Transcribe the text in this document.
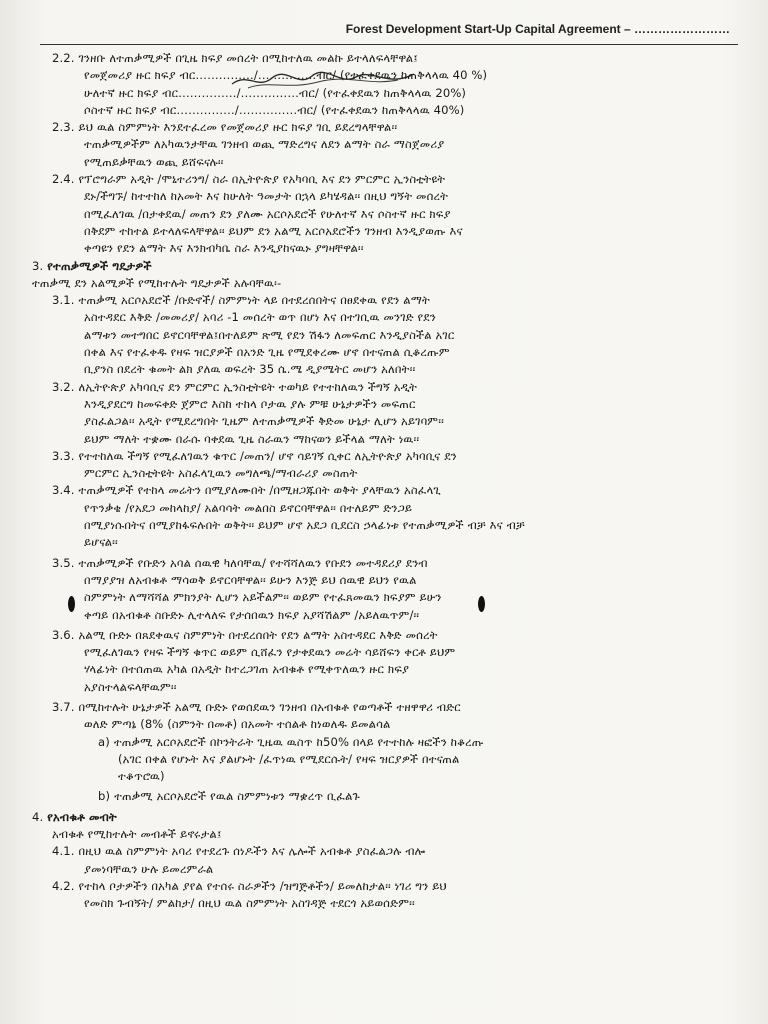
Forest Development Start-Up Capital Agreement – ……………………
2.2. ገንዘቡ ለተጠቃሚዎች በጊዜ ክፍያ መሰረት በሚከተለዉ መልኩ ይተላለፍላቸዋል፤
የመጀመሪያ ዙር ክፍያ ብር……………/……………ብር/ (የተፈቀደዉን ከጠቅላላዉ 40 %)
ሁለተኛ ዙር ክፍያ ብር……………/……………ብር/ (የተፈቀደዉን ከጠቅላላዉ 20%)
ሶስተኛ ዙር ክፍያ ብር……………/……………ብር/ (የተፈቀደዉን ከጠቅላላዉ 40%)
2.3. ይህ ዉል ስምምነት እንደተፈረመ የመጀመሪያ ዙር ክፍያ ገቢ ይደረግላቸዋል፡፡
ተጠቃሚዎችም ለአካዉንታቸዉ ገንዘብ ወጪ ማድረግና ለደን ልማት ስራ ማስጀመሪያ
የሚጠይቃቸዉን ወጪ ይሸፍናሉ፡፡
2.4. የፕሮግራም አዲት /ሞኒተሪንግ/ ስራ በኢትዮጵያ የአካባቢ እና ደን ምርምር ኢንስቲትዩት
ደኑ/ችግኙ/ ከተተከለ ከአመት እና ከሁለት ዓመታት በኋላ ይካሄዳል፡፡ በዚህ ግኝት መሰረት
በሚፈለገዉ /በታቀደዉ/ መጠን ደን ያለሙ አርሶአደሮች የሁለተኛ እና ሶስተኛ ዙር ክፍያ
በቅደም ተከተል ይተላለፍላቸዋል፡፡ ይህም ደን አልሚ አርሶአደሮችን ገንዘብ እንዲያወጡ እና
ቀጣዩን የደን ልማት እና እንክብካቤ ስራ እንዲያከናዉኑ ያግዛቸዋል፡፡
3. የተጠቃሚዎች ግዴታዎች
ተጠቃሚ ደን አልሚዎች የሚከተሉት ግዴታዎች አሉባቸዉ፡-
3.1. ተጠቃሚ አርሶአደሮች /ቡድኖች/ ስምምነት ላይ በተደረሰበትና በፀደቀዉ የደን ልማት
አስተዳደር እቅድ /መመሪያ/ አባሪ -1 መሰረት ወጥ በሆነ እና በተገቢዉ መንገድ የደን
ልማቱን መተግበር ይኖርባቸዋል፤በተለይም ጽሚ የደን ሽፋን ለመፍጠር እንዲያስችል አገር
በቀል እና የተፈቀዱ የዛፍ ዝርያዎች በአንድ ጊዜ የሚደቀረሙ ሆኖ በተናጠል ሲቆረጡም
ቢያንስ በደረት ቁመት ልክ ያለዉ ወፍረት 35 ሴ.ሜ ዲያሜትር መሆን አለበት፡፡
3.2. ለኢትዮጵያ አካባቢና ደን ምርምር ኢንስቲትዩት ተወካይ የተተከለዉን ችግኝ አዲት
እንዲያደርግ ከመፍቀድ ጀምሮ እስከ ተከላ ቦታዉ ያሉ ምቹ ሁኔታዎችን መፍጠር
ያስፈልጋል፡፡ አዲት የሚደረግበት ጊዜም ለተጠቃሚዎች ቅድመ ሁኔታ ሊሆን አይገባም፡፡
ይህም ማለት ተቋሙ በራሱ ባቀደዉ ጊዜ ስራዉን ማከናወን ይችላል ማለት ነዉ፡፡
3.3. የተተከለዉ ችግኝ የሚፈለገዉን ቁጥር /መጠን/ ሆኖ ሳይገኝ ሲቀር ለኢትዮጵያ አካባቢና ደን
ምርምር ኢንስቲትዩት አስፈላጊዉን መግለጫ/ማብራሪያ መስጠት
3.4. ተጠቃሚዎች የተከላ መሬትን በሚያለሙበት /በሚዘጋጁበት ወቅት ያላቸዉን አስፈላጊ
የጥንቃቄ /የአደጋ መከላከያ/ አልባሳት መልበስ ይኖርባቸዋል፡፡ በተለይም ድንጋይ
በሚያነሱበትና በሚያከፋፍሉበት ወቅት፡፡ ይህም ሆኖ አደጋ ቢደርስ ኃላፊነቱ የተጠቃሚዎች ብቻ እና ብቻ
ይሆናል፡፡
3.5. ተጠቃሚዎች የቡድን አባል ሰዉዊ ካለባቸዉ/ የተሻሻለዉን የቡደን መተዳደሪያ ደንብ
በማያያዝ ለአብቁቶ ማሳወቅ ይኖርባቸዋል፡፡ ይሁን እንጅ ይህ ሰዉዊ ይህን የዉል
ስምምነት ለማሻሻል ምክንያት ሊሆን አይችልም፡፡ ወይም የተፈጸመዉን ክፍያም ይሁን
ቀጣይ በአብቁቶ ስቡድኑ ሊተላለፍ የታሰበዉን ክፍያ አያሻሽልም /አይለዉጥም/፡፡
3.6. አልሚ ቡድኑ በጸደቀዉና ስምምነት በተደረሰበት የደን ልማት አስተዳደር እቅድ መሰረት
የሚፈለገዉን የዛፍ ችግኝ ቁጥር ወይም ሲሸፈን የታቀደዉን መሬት ሳይሸፍን ቀርቶ ይህም
ሃላፊነት በተሰጠዉ አካል በአዲት ከተረጋገጠ አብቁቶ የሚቀጥለዉን ዙር ክፍያ
አያስተላልፍላቸዉም፡፡
3.7. በሚከተሉት ሁኔታዎች አልሚ ቡድኑ የወሰደዉን ገንዘብ በአብቁቶ የወጣቶች ተዘዋዋሪ ብድር
ወለድ ምጣኔ (8% (ስምንት በመቶ) በአመት ተሰልቶ ከነወለዱ ይመልሳል
a) ተጠቃሚ አርሶአደሮች በኮንትራት ጊዜዉ ዉስጥ ከ50% በላይ የተተከሉ ዛፎችን ከቆረጡ
(አገር በቀል የሆኑት እና ያልሆኑት /ፈጥነዉ የሚደርሱት/ የዛፍ ዝርያዎች በተናጠል
ተቆጥሮዉ)
b) ተጠቃሚ አርሶአደሮች የዉል ስምምነቱን ማቋረጥ ቢፈልጉ
4. የአብቁቶ መብት
አብቁቶ የሚከተሉት መብቶች ይኖሩታል፤
4.1. በዚህ ዉል ስምምነት አባሪ የተደረጉ ሰነዶችን እና ሌሎች አብቁቶ ያስፈልጋሉ ብሎ
ያመነባቸዉን ሁሉ ይመረምራል
4.2. የተከላ ቦታዎችን በአካል ያየል የተሰሩ ስራዎችን /ዝግጅቶችን/ ይመለከታል፡፡ ነገሪ ግን ይህ
የመስክ ጉብኝት/ ምልከታ/ በዚህ ዉል ስምምነት አስገዳጅ ተደርጎ አይወሰድም፡፡
